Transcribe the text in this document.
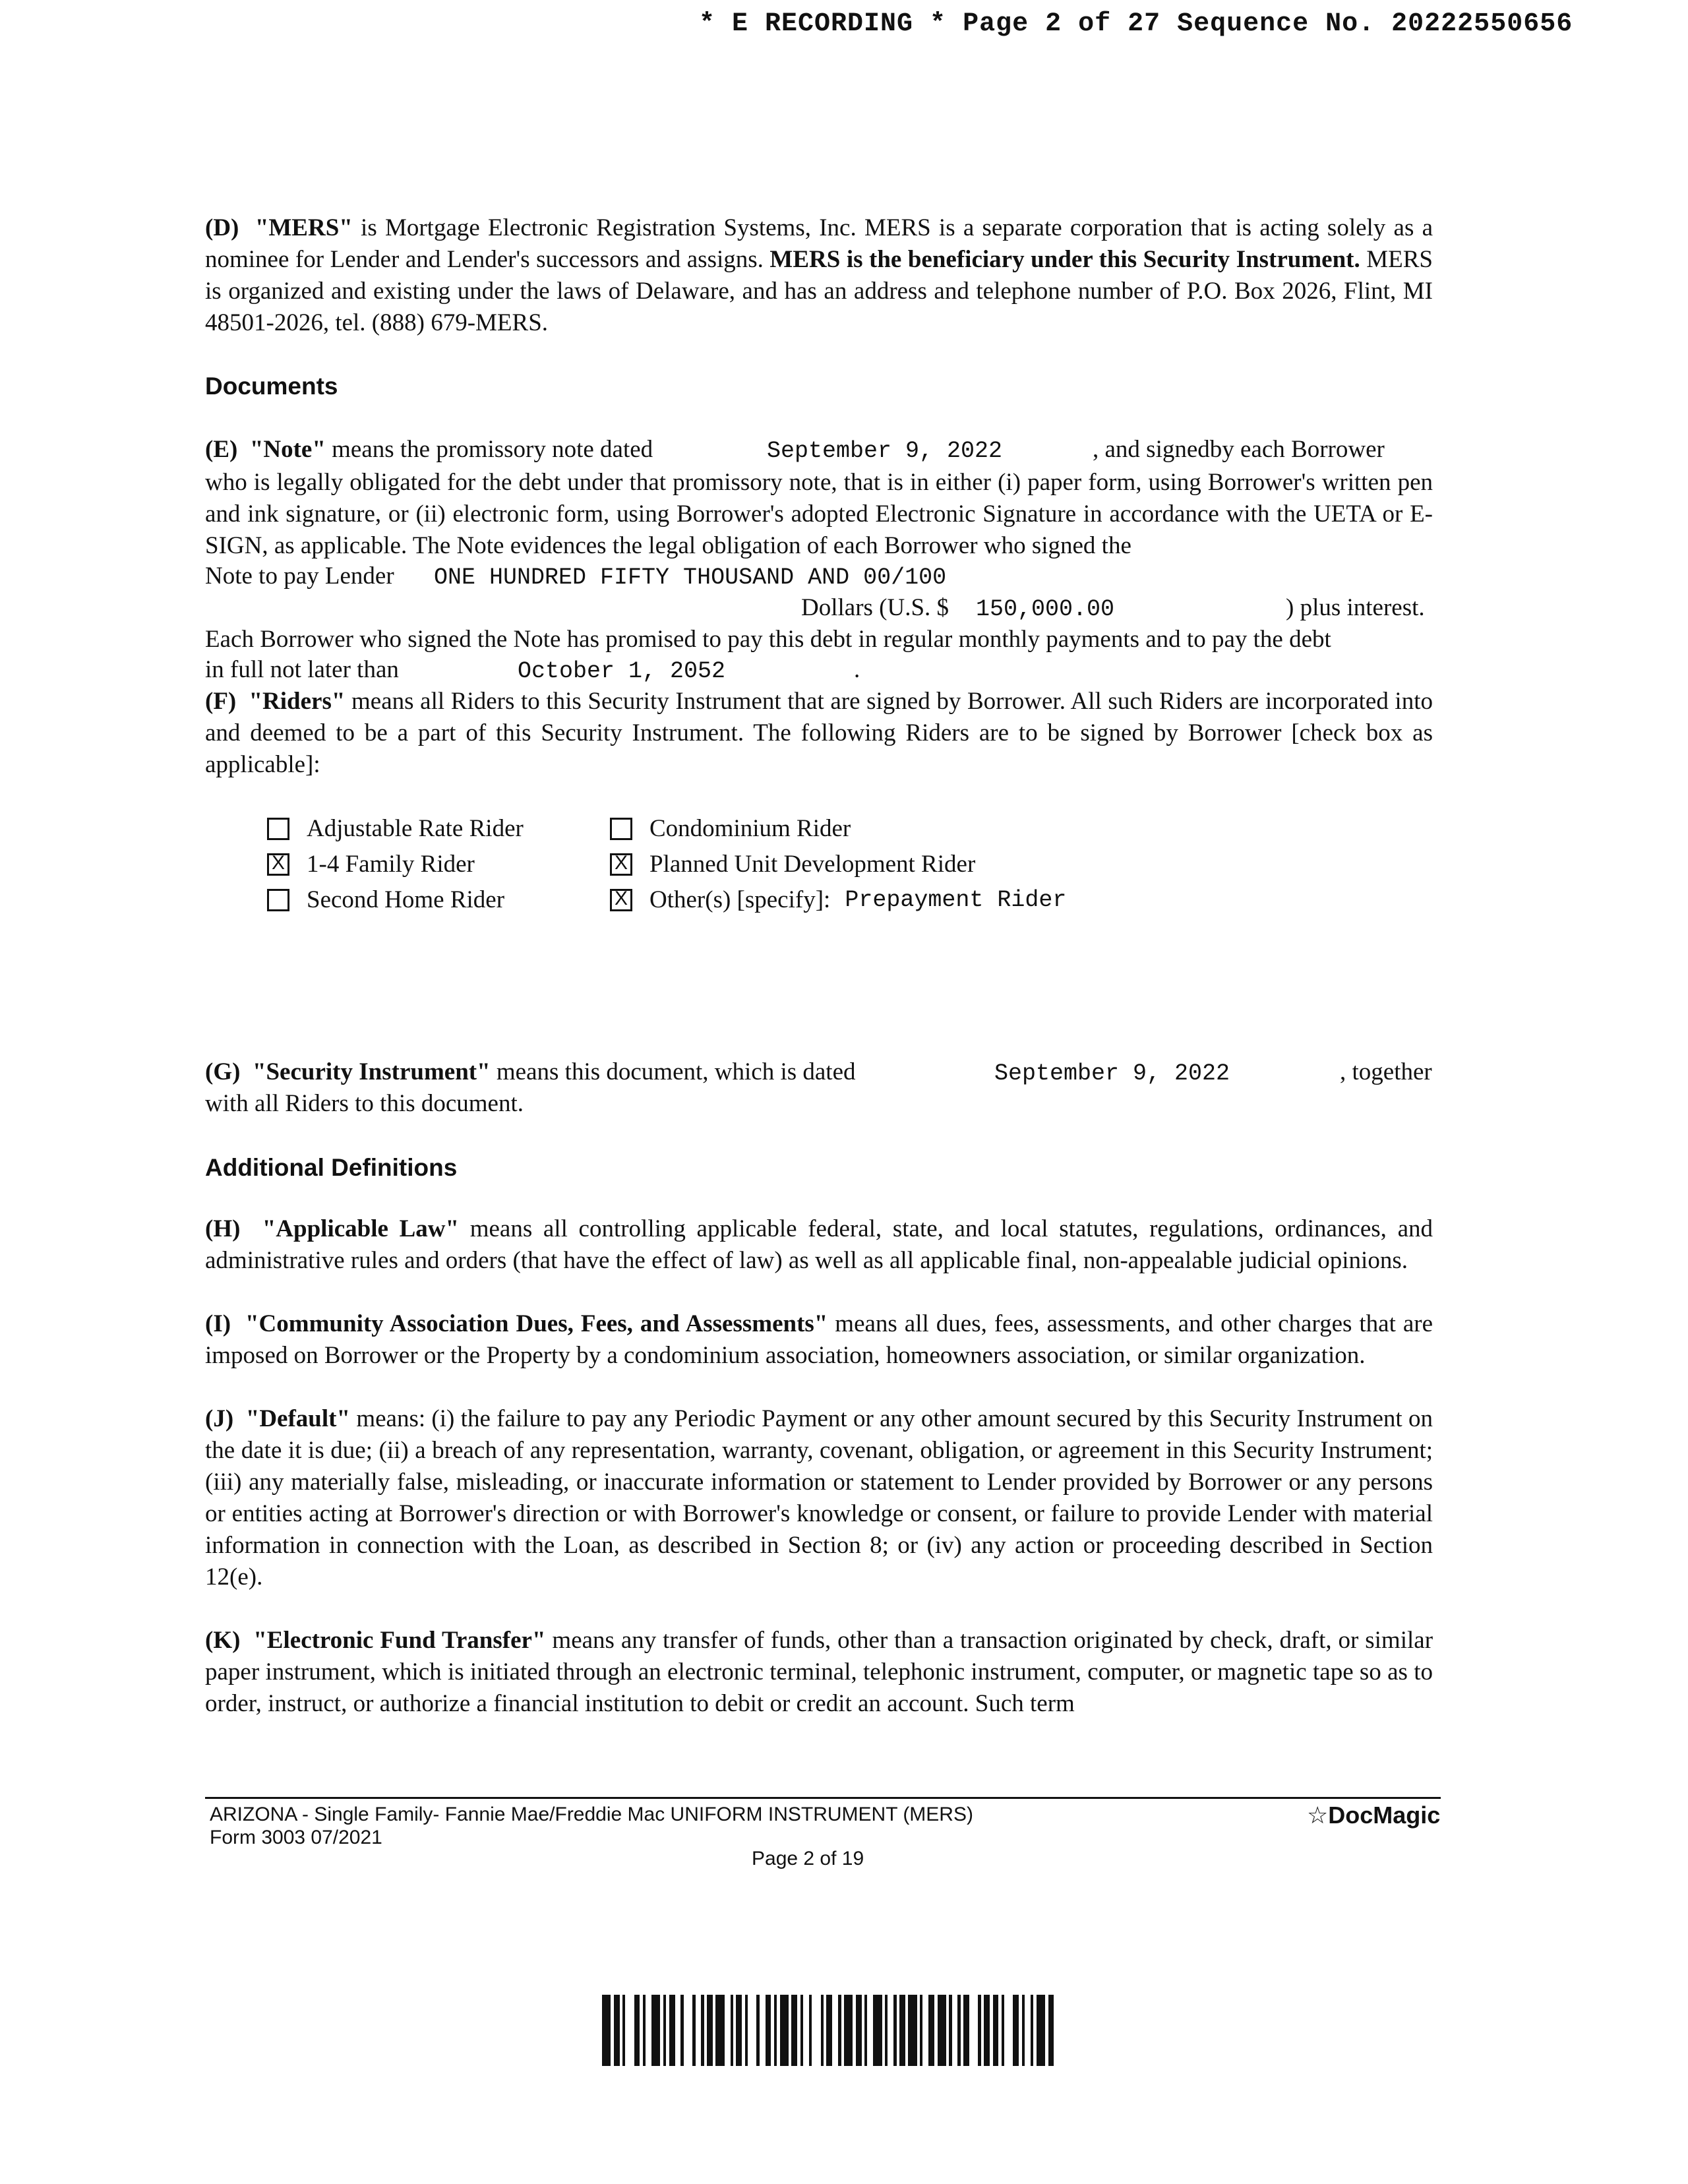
* E RECORDING * Page 2 of 27 Sequence No. 20222550656
(D) "MERS" is Mortgage Electronic Registration Systems, Inc. MERS is a separate corporation that is acting solely as a nominee for Lender and Lender's successors and assigns. MERS is the beneficiary under this Security Instrument. MERS is organized and existing under the laws of Delaware, and has an address and telephone number of P.O. Box 2026, Flint, MI 48501-2026, tel. (888) 679-MERS.
Documents
(E) "Note" means the promissory note dated	September 9, 2022	, and signedby each Borrower
who is legally obligated for the debt under that promissory note, that is in either (i) paper form, using Borrower's written pen and ink signature, or (ii) electronic form, using Borrower's adopted Electronic Signature in accordance with the UETA or E-SIGN, as applicable. The Note evidences the legal obligation of each Borrower who signed the
Note to pay Lender ONE HUNDRED FIFTY THOUSAND AND 00/100
Dollars (U.S. $ 150,000.00	) plus interest.
Each Borrower who signed the Note has promised to pay this debt in regular monthly payments and to pay the debt
in full not later than	October 1, 2052	.
(F) "Riders" means all Riders to this Security Instrument that are signed by Borrower. All such Riders are incorporated into and deemed to be a part of this Security Instrument. The following Riders are to be signed by Borrower [check box as applicable]:
Adjustable Rate Rider	Condominium Rider
X
1-4 Family Rider X	Planned Unit Development Rider
Second Home Rider X	Other(s) [specify]: Prepayment Rider
(G) "Security Instrument" means this document, which is dated	September 9, 2022	, together
with all Riders to this document.
Additional Definitions
(H) "Applicable Law" means all controlling applicable federal, state, and local statutes, regulations, ordinances, and administrative rules and orders (that have the effect of law) as well as all applicable final, non-appealable judicial opinions.
(I) "Community Association Dues, Fees, and Assessments" means all dues, fees, assessments, and other charges that are imposed on Borrower or the Property by a condominium association, homeowners association, or similar organization.
(J) "Default" means: (i) the failure to pay any Periodic Payment or any other amount secured by this Security Instrument on the date it is due; (ii) a breach of any representation, warranty, covenant, obligation, or agreement in this Security Instrument; (iii) any materially false, misleading, or inaccurate information or statement to Lender provided by Borrower or any persons or entities acting at Borrower's direction or with Borrower's knowledge or consent, or failure to provide Lender with material information in connection with the Loan, as described in Section 8; or (iv) any action or proceeding described in Section 12(e).
(K) "Electronic Fund Transfer" means any transfer of funds, other than a transaction originated by check, draft, or similar paper instrument, which is initiated through an electronic terminal, telephonic instrument, computer, or magnetic tape so as to order, instruct, or authorize a financial institution to debit or credit an account. Such term
ARIZONA - Single Family- Fannie Mae/Freddie Mac UNIFORM INSTRUMENT (MERS)
Form 3003 07/2021
Page 2 of 19
☆DocMagic
